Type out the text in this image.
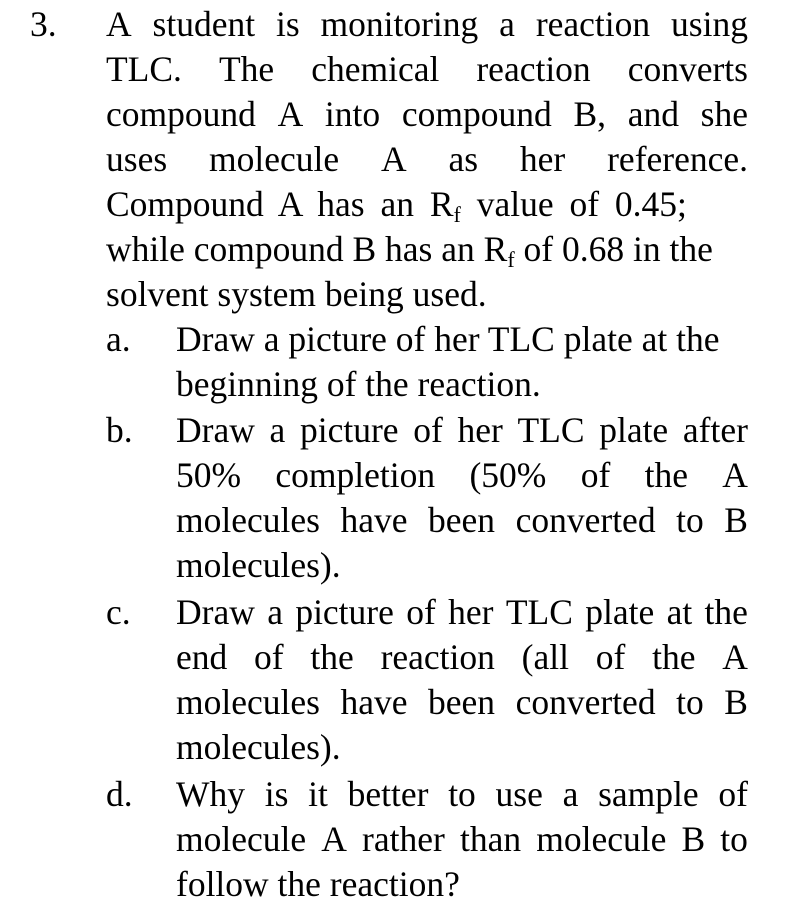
3. A student is monitoring a reaction using
TLC. The chemical reaction converts
compound A into compound B, and she
uses molecule A as her reference.
Compound A has an Rf value of 0.45;
while compound B has an Rf of 0.68 in the
solvent system being used.
a. Draw a picture of her TLC plate at the
beginning of the reaction.
b. Draw a picture of her TLC plate after
50% completion (50% of the A
molecules have been converted to B
molecules).
c. Draw a picture of her TLC plate at the
end of the reaction (all of the A
molecules have been converted to B
molecules).
d. Why is it better to use a sample of
molecule A rather than molecule B to
follow the reaction?
